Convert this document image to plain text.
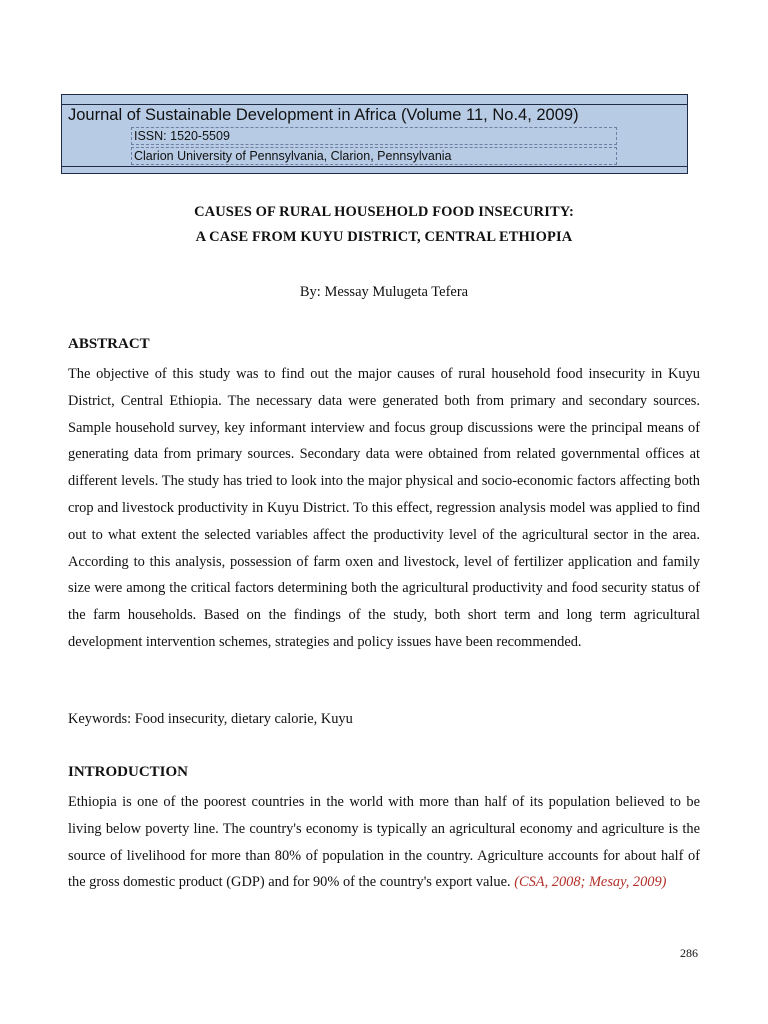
Journal of Sustainable Development in Africa (Volume 11, No.4, 2009)
ISSN: 1520-5509
Clarion University of Pennsylvania, Clarion, Pennsylvania
CAUSES OF RURAL HOUSEHOLD FOOD INSECURITY:
A CASE FROM KUYU DISTRICT, CENTRAL ETHIOPIA
By: Messay Mulugeta Tefera
ABSTRACT

The objective of this study was to find out the major causes of rural household food insecurity in Kuyu District, Central Ethiopia. The necessary data were generated both from primary and secondary sources. Sample household survey, key informant interview and focus group discussions were the principal means of generating data from primary sources. Secondary data were obtained from related governmental offices at different levels. The study has tried to look into the major physical and socio-economic factors affecting both crop and livestock productivity in Kuyu District. To this effect, regression analysis model was applied to find out to what extent the selected variables affect the productivity level of the agricultural sector in the area. According to this analysis, possession of farm oxen and livestock, level of fertilizer application and family size were among the critical factors determining both the agricultural productivity and food security status of the farm households. Based on the findings of the study, both short term and long term agricultural development intervention schemes, strategies and policy issues have been recommended.

Keywords: Food insecurity, dietary calorie, Kuyu
INTRODUCTION

Ethiopia is one of the poorest countries in the world with more than half of its population believed to be living below poverty line. The country's economy is typically an agricultural economy and agriculture is the source of livelihood for more than 80% of population in the country. Agriculture accounts for about half of the gross domestic product (GDP) and for 90% of the country's export value. (CSA, 2008; Mesay, 2009)

286
